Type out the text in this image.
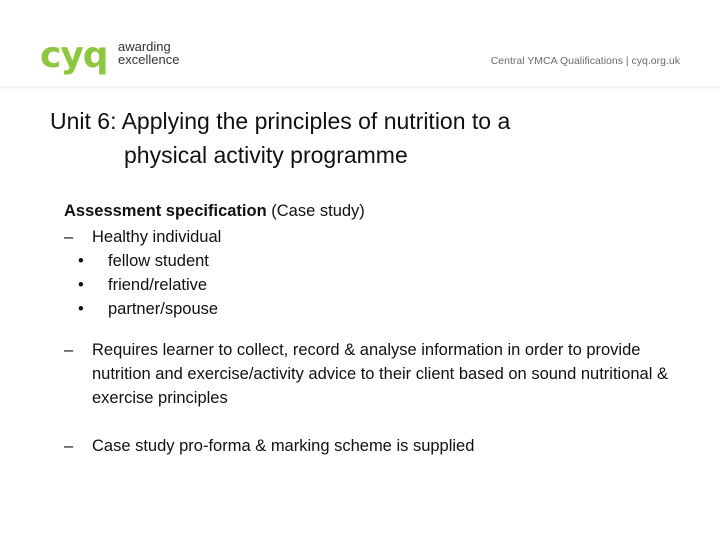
cyq awarding
excellence	Central YMCA Qualifications | cyq.org.uk
Unit 6: Applying the principles of nutrition to a
physical activity programme
Assessment specification (Case study)
– Healthy individual
• fellow student
• friend/relative
• partner/spouse
– Requires learner to collect, record & analyse information in order to provide nutrition and exercise/activity advice to their client based on sound nutritional & exercise principles
– Case study pro-forma & marking scheme is supplied
